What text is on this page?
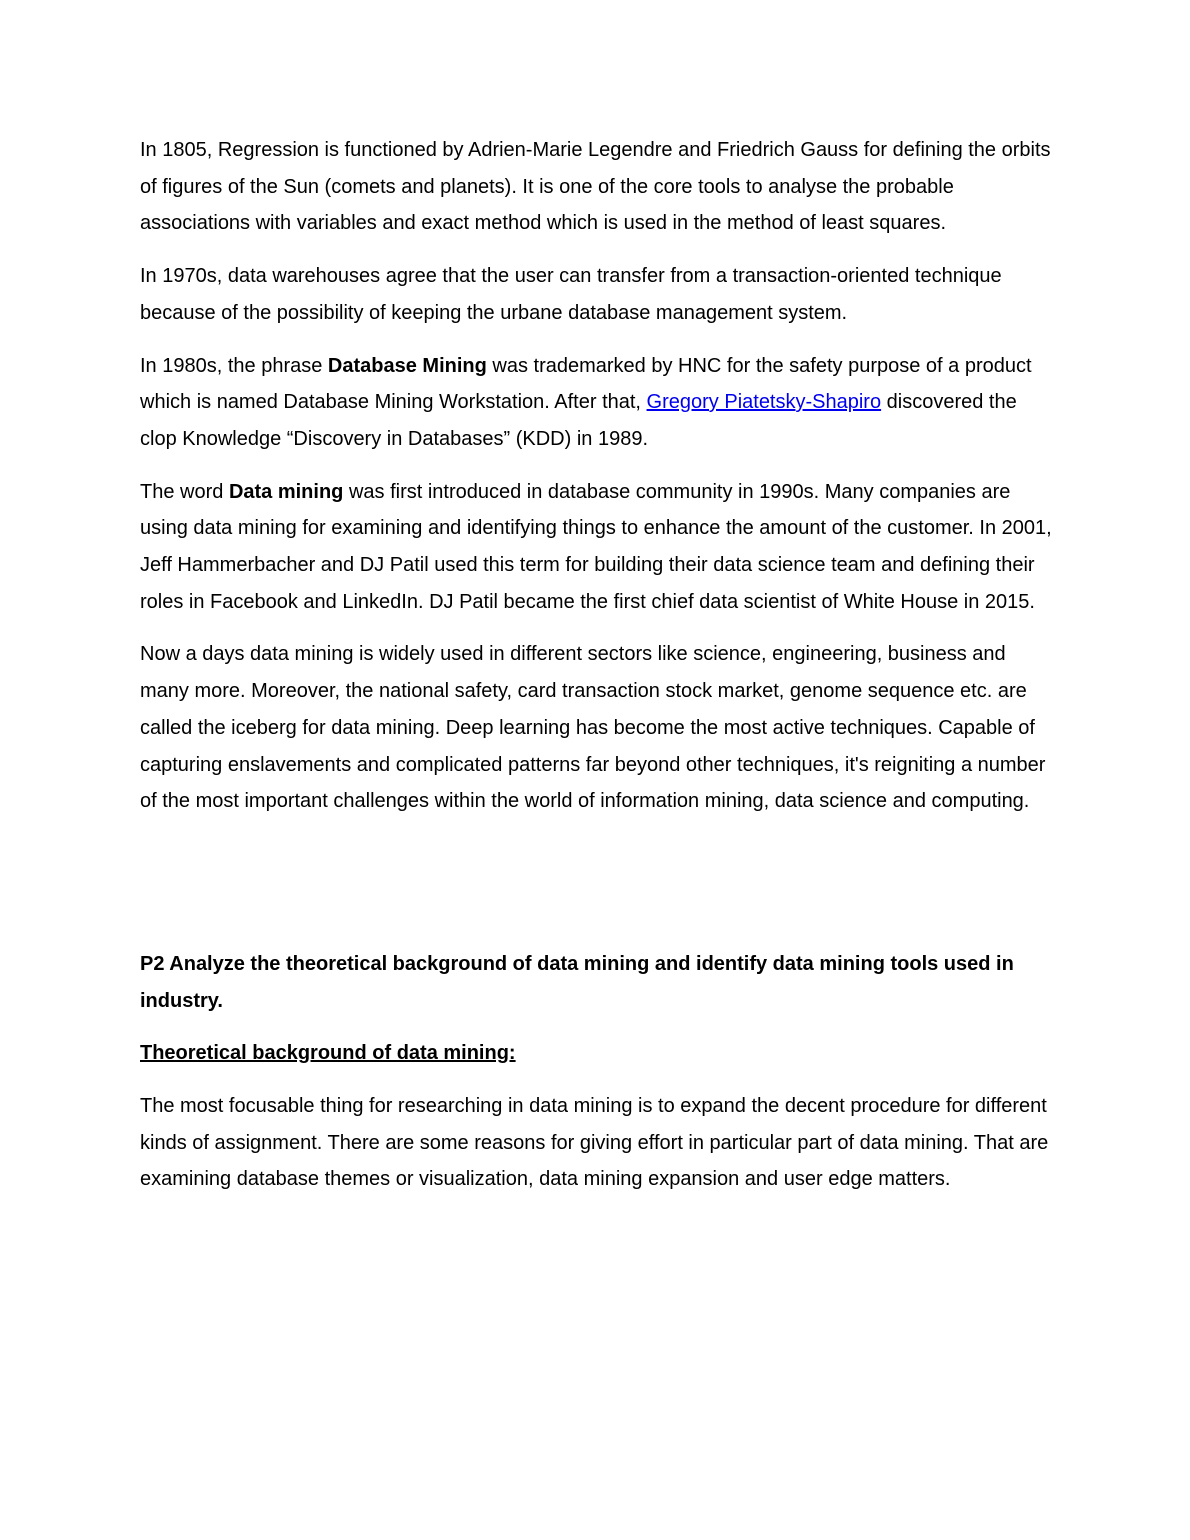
In 1805, Regression is functioned by Adrien-Marie Legendre and Friedrich Gauss for defining the orbits of figures of the Sun (comets and planets). It is one of the core tools to analyse the probable associations with variables and exact method which is used in the method of least squares.

In 1970s, data warehouses agree that the user can transfer from a transaction-oriented technique because of the possibility of keeping the urbane database management system.

In 1980s, the phrase Database Mining was trademarked by HNC for the safety purpose of a product which is named Database Mining Workstation. After that, Gregory Piatetsky-Shapiro discovered the clop Knowledge “Discovery in Databases” (KDD) in 1989.

The word Data mining was first introduced in database community in 1990s. Many companies are using data mining for examining and identifying things to enhance the amount of the customer. In 2001, Jeff Hammerbacher and DJ Patil used this term for building their data science team and defining their roles in Facebook and LinkedIn. DJ Patil became the first chief data scientist of White House in 2015.

Now a days data mining is widely used in different sectors like science, engineering, business and many more. Moreover, the national safety, card transaction stock market, genome sequence etc. are called the iceberg for data mining. Deep learning has become the most active techniques. Capable of capturing enslavements and complicated patterns far beyond other techniques, it's reigniting a number of the most important challenges within the world of information mining, data science and computing.

P2 Analyze the theoretical background of data mining and identify data mining tools used in industry.

Theoretical background of data mining:

The most focusable thing for researching in data mining is to expand the decent procedure for different kinds of assignment. There are some reasons for giving effort in particular part of data mining. That are examining database themes or visualization, data mining expansion and user edge matters.
